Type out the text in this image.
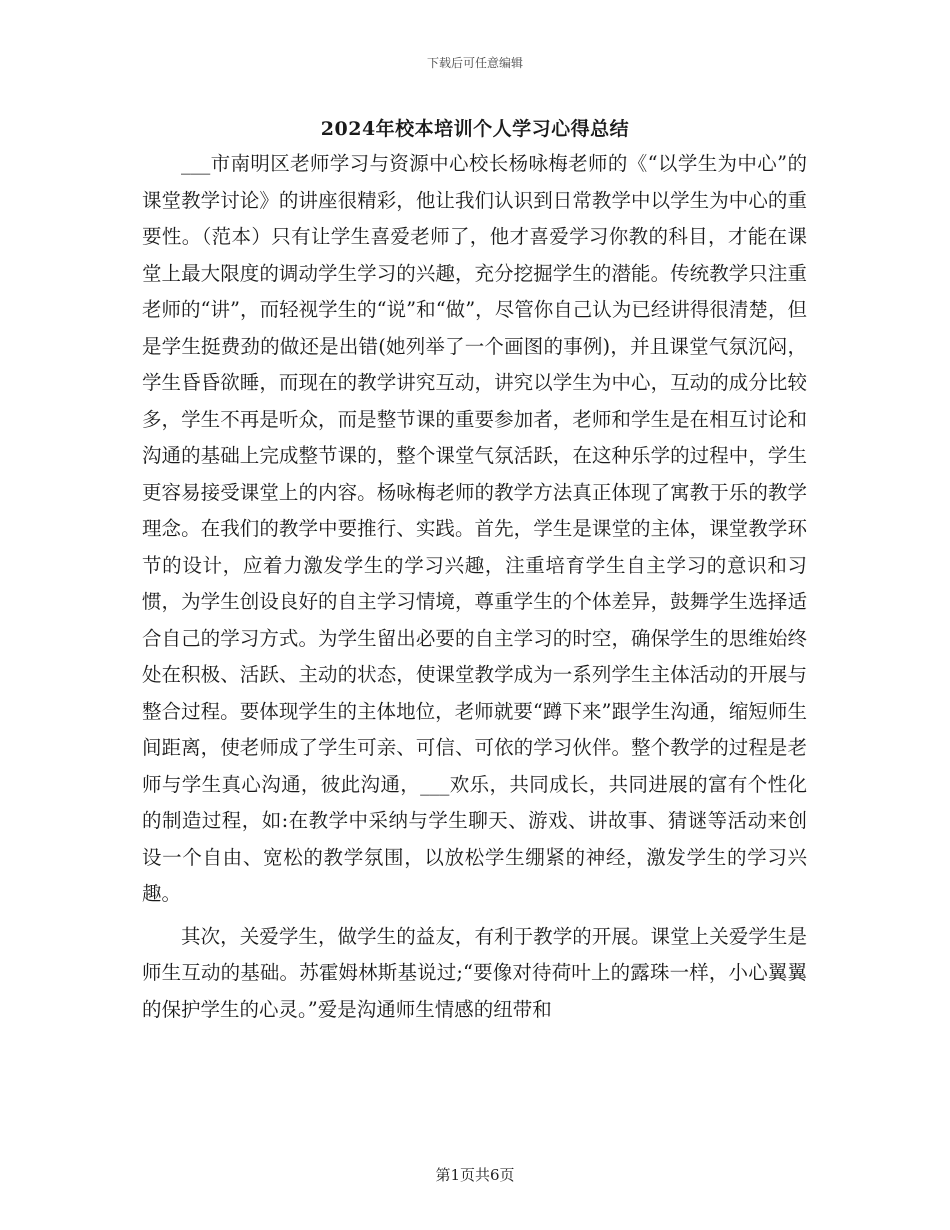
下载后可任意编辑
2024年校本培训个人学习心得总结

___市南明区老师学习与资源中心校长杨咏梅老师的《“以学生为中心”的课堂教学讨论》的讲座很精彩，他让我们认识到日常教学中以学生为中心的重要性。（范本）只有让学生喜爱老师了，他才喜爱学习你教的科目，才能在课堂上最大限度的调动学生学习的兴趣，充分挖掘学生的潜能。传统教学只注重老师的“讲”，而轻视学生的“说”和“做”，尽管你自己认为已经讲得很清楚，但是学生挺费劲的做还是出错(她列举了一个画图的事例)，并且课堂气氛沉闷，学生昏昏欲睡，而现在的教学讲究互动，讲究以学生为中心，互动的成分比较多，学生不再是听众，而是整节课的重要参加者，老师和学生是在相互讨论和沟通的基础上完成整节课的，整个课堂气氛活跃，在这种乐学的过程中，学生更容易接受课堂上的内容。杨咏梅老师的教学方法真正体现了寓教于乐的教学理念。在我们的教学中要推行、实践。首先，学生是课堂的主体，课堂教学环节的设计，应着力激发学生的学习兴趣，注重培育学生自主学习的意识和习惯，为学生创设良好的自主学习情境，尊重学生的个体差异，鼓舞学生选择适合自己的学习方式。为学生留出必要的自主学习的时空，确保学生的思维始终处在积极、活跃、主动的状态，使课堂教学成为一系列学生主体活动的开展与整合过程。要体现学生的主体地位，老师就要“蹲下来”跟学生沟通，缩短师生间距离，使老师成了学生可亲、可信、可依的学习伙伴。整个教学的过程是老师与学生真心沟通，彼此沟通，___欢乐，共同成长，共同进展的富有个性化的制造过程，如:在教学中采纳与学生聊天、游戏、讲故事、猜谜等活动来创设一个自由、宽松的教学氛围，以放松学生绷紧的神经，激发学生的学习兴趣。

其次，关爱学生，做学生的益友，有利于教学的开展。课堂上关爱学生是师生互动的基础。苏霍姆林斯基说过;“要像对待荷叶上的露珠一样，小心翼翼的保护学生的心灵。”爱是沟通师生情感的纽带和

第1页共6页
